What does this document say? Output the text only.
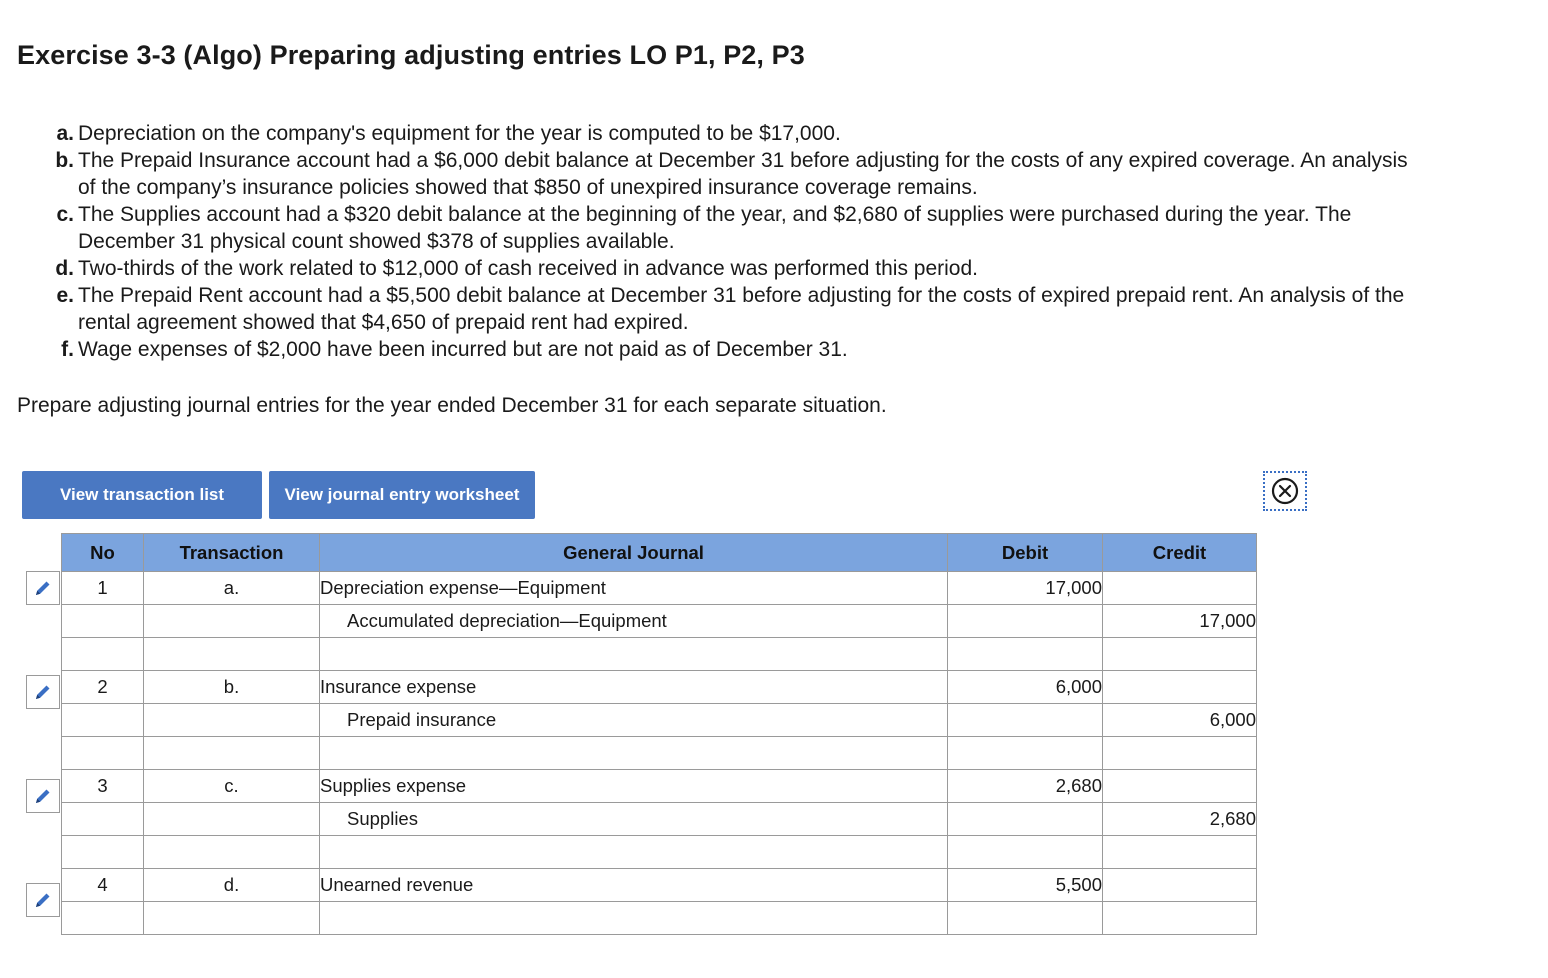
Exercise 3-3 (Algo) Preparing adjusting entries LO P1, P2, P3
a. Depreciation on the company's equipment for the year is computed to be $17,000.
b. The Prepaid Insurance account had a $6,000 debit balance at December 31 before adjusting for the costs of any expired coverage. An analysis of the company’s insurance policies showed that $850 of unexpired insurance coverage remains.
c. The Supplies account had a $320 debit balance at the beginning of the year, and $2,680 of supplies were purchased during the year. The December 31 physical count showed $378 of supplies available.
d. Two-thirds of the work related to $12,000 of cash received in advance was performed this period.
e. The Prepaid Rent account had a $5,500 debit balance at December 31 before adjusting for the costs of expired prepaid rent. An analysis of the rental agreement showed that $4,650 of prepaid rent had expired.
f. Wage expenses of $2,000 have been incurred but are not paid as of December 31.
Prepare adjusting journal entries for the year ended December 31 for each separate situation.
View transaction list	View journal entry worksheet
No	Transaction	General Journal	Debit	Credit
1	a.	Depreciation expense—Equipment	17,000	
		Accumulated depreciation—Equipment		17,000

2	b.	Insurance expense	6,000	
		Prepaid insurance		6,000

3	c.	Supplies expense	2,680	
		Supplies		2,680

4	d.	Unearned revenue	5,500	
